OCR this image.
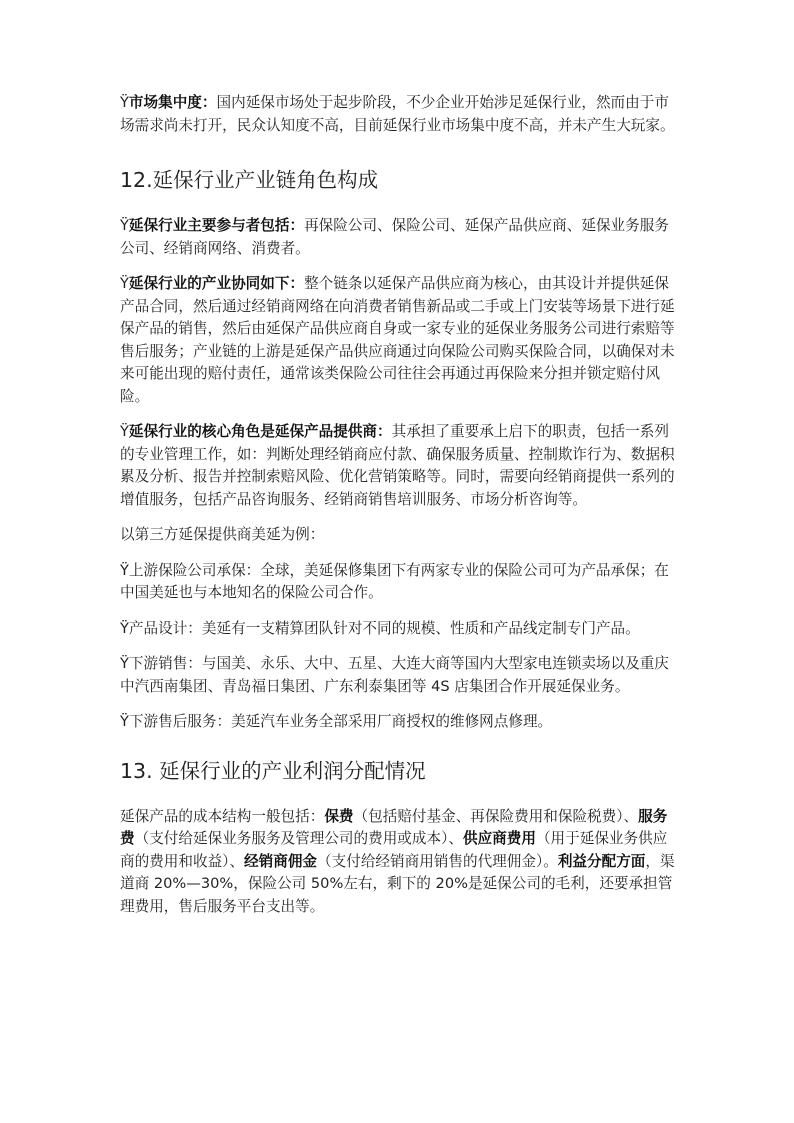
Ÿ市场集中度：国内延保市场处于起步阶段，不少企业开始涉足延保行业，然而由于市场需求尚未打开，民众认知度不高，目前延保行业市场集中度不高，并未产生大玩家。

12.延保行业产业链角色构成

Ÿ延保行业主要参与者包括：再保险公司、保险公司、延保产品供应商、延保业务服务公司、经销商网络、消费者。

Ÿ延保行业的产业协同如下：整个链条以延保产品供应商为核心，由其设计并提供延保产品合同，然后通过经销商网络在向消费者销售新品或二手或上门安装等场景下进行延保产品的销售，然后由延保产品供应商自身或一家专业的延保业务服务公司进行索赔等售后服务；产业链的上游是延保产品供应商通过向保险公司购买保险合同，以确保对未来可能出现的赔付责任，通常该类保险公司往往会再通过再保险来分担并锁定赔付风险。

Ÿ延保行业的核心角色是延保产品提供商：其承担了重要承上启下的职责，包括一系列的专业管理工作，如：判断处理经销商应付款、确保服务质量、控制欺诈行为、数据积累及分析、报告并控制索赔风险、优化营销策略等。同时，需要向经销商提供一系列的增值服务，包括产品咨询服务、经销商销售培训服务、市场分析咨询等。

以第三方延保提供商美延为例：

Ÿ上游保险公司承保：全球，美延保修集团下有两家专业的保险公司可为产品承保；在中国美延也与本地知名的保险公司合作。

Ÿ产品设计：美延有一支精算团队针对不同的规模、性质和产品线定制专门产品。

Ÿ下游销售：与国美、永乐、大中、五星、大连大商等国内大型家电连锁卖场以及重庆中汽西南集团、青岛福日集团、广东利泰集团等 4S 店集团合作开展延保业务。

Ÿ下游售后服务：美延汽车业务全部采用厂商授权的维修网点修理。

13. 延保行业的产业利润分配情况

延保产品的成本结构一般包括：保费（包括赔付基金、再保险费用和保险税费）、服务费（支付给延保业务服务及管理公司的费用或成本）、供应商费用（用于延保业务供应商的费用和收益）、经销商佣金（支付给经销商用销售的代理佣金）。利益分配方面，渠道商 20%—30%，保险公司 50%左右，剩下的 20%是延保公司的毛利，还要承担管理费用，售后服务平台支出等。
